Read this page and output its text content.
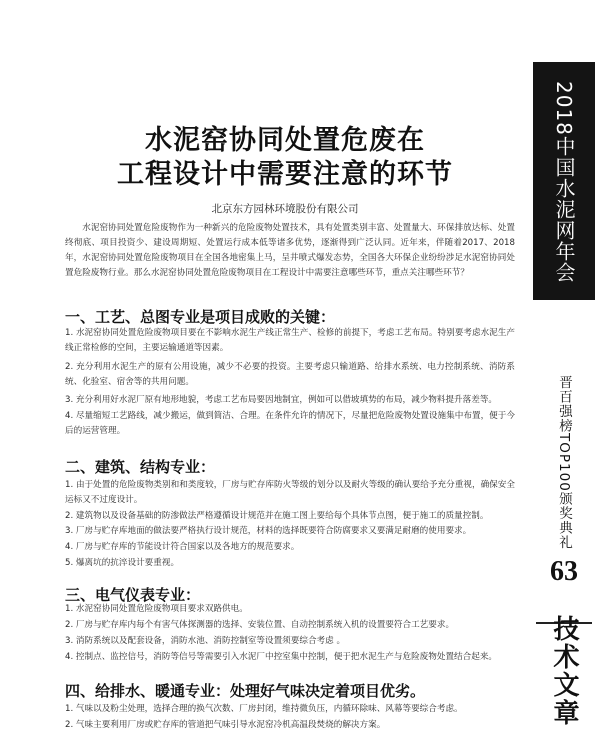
2018中国水泥网年会
晋百强榜TOP100颁奖典礼
63
技术文章
水泥窑协同处置危废在
工程设计中需要注意的环节
北京东方园林环境股份有限公司

水泥窑协同处置危险废物作为一种新兴的危险废物处置技术，具有处置类别丰富、处置量大、环保排放达标、处置终彻底、项目投资少、建设周期短、处置运行成本低等诸多优势，逐渐得到广泛认同。近年来，伴随着2017、2018年，水泥窑协同处置危险废物项目在全国各地密集上马，呈井喷式爆发态势，全国各大环保企业纷纷涉足水泥窑协同处置危险废物行业。那么水泥窑协同处置危险废物项目在工程设计中需要注意哪些环节，重点关注哪些环节？

一、工艺、总图专业是项目成败的关键：

1. 水泥窑协同处置危险废物项目要在不影响水泥生产线正常生产、检修的前提下，考虑工艺布局。特别要考虑水泥生产线正常检修的空间，主要运输通道等因素。

2. 充分利用水泥生产的原有公用设施，减少不必要的投资。主要考虑只输道路、给排水系统、电力控制系统、消防系统、化验室、宿舍等的共用问题。

3. 充分利用好水泥厂原有地形地貌，考虑工艺布局要因地制宜，例如可以借坡填势的布局，减少物料提升落差等。

4. 尽量缩短工艺路线，减少搬运，做到简洁、合理。在条件允许的情况下，尽量把危险废物处置设施集中布置，便于今后的运营管理。

二、建筑、结构专业：

1. 由于处置的危险废物类别和和类度较，厂房与贮存库防火等级的划分以及耐火等级的确认要给予充分重视，确保安全运标又不过度设计。

2. 建筑物以及设备基础的防渗做法严格遵循设计规范并在施工图上要给每个具体节点图，便于施工的质量控制。

3. 厂房与贮存库地面的做法要严格执行设计规范，材料的选择既要符合防腐要求又要满足耐磨的使用要求。

4. 厂房与贮存库的节能设计符合国家以及各地方的规范要求。

5. 爆离坑的抗淬设计要重视。

三、电气仪表专业：

1. 水泥窑协同处置危险废物项目要求双路供电。

2. 厂房与贮存库内每个有害气体探测器的选择、安装位置、自动控制系统入机的设置要符合工艺要求。

3. 消防系统以及配套设备，消防水池、消防控制室等设置须要综合考虑 。

4. 控制点、监控信号，消防等信号等需要引入水泥厂中控室集中控制，便于把水泥生产与危险废物处置结合起来。

四、给排水、暖通专业：处理好气味决定着项目优劣。

1. 气味以及粉尘处理，选择合理的换气次数、厂房封闭，维持微负压，内循环除味、风幕等要综合考虑。

2. 气味主要利用厂房或贮存库的管道把气味引导水泥窑冷机高温段焚烧的解决方案。
